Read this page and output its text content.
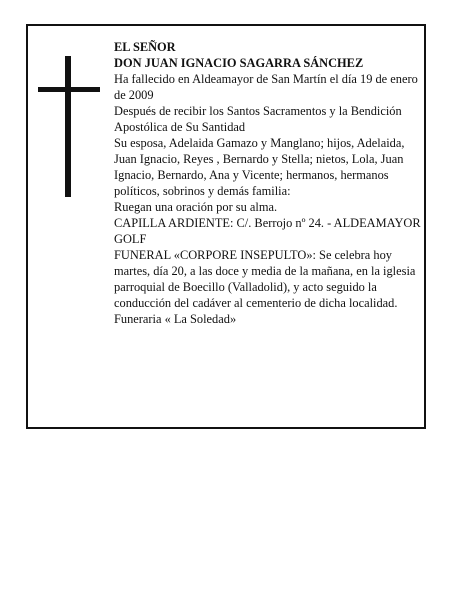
EL SEÑOR

DON JUAN IGNACIO SAGARRA SÁNCHEZ

Ha fallecido en Aldeamayor de San Martín el día 19 de enero de 2009

Después de recibir los Santos Sacramentos y la Bendición Apostólica de Su Santidad

Su esposa, Adelaida Gamazo y Manglano; hijos, Adelaida, Juan Ignacio, Reyes , Bernardo y Stella; nietos, Lola, Juan Ignacio, Bernardo, Ana y Vicente; hermanos, hermanos políticos, sobrinos y demás familia:

Ruegan una oración por su alma.

CAPILLA ARDIENTE: C/. Berrojo nº 24. - ALDEAMAYOR GOLF

FUNERAL «CORPORE INSEPULTO»: Se celebra hoy martes, día 20, a las doce y media de la mañana, en la iglesia parroquial de Boecillo (Valladolid), y acto seguido la conducción del cadáver al cementerio de dicha localidad.

Funeraria « La Soledad»
